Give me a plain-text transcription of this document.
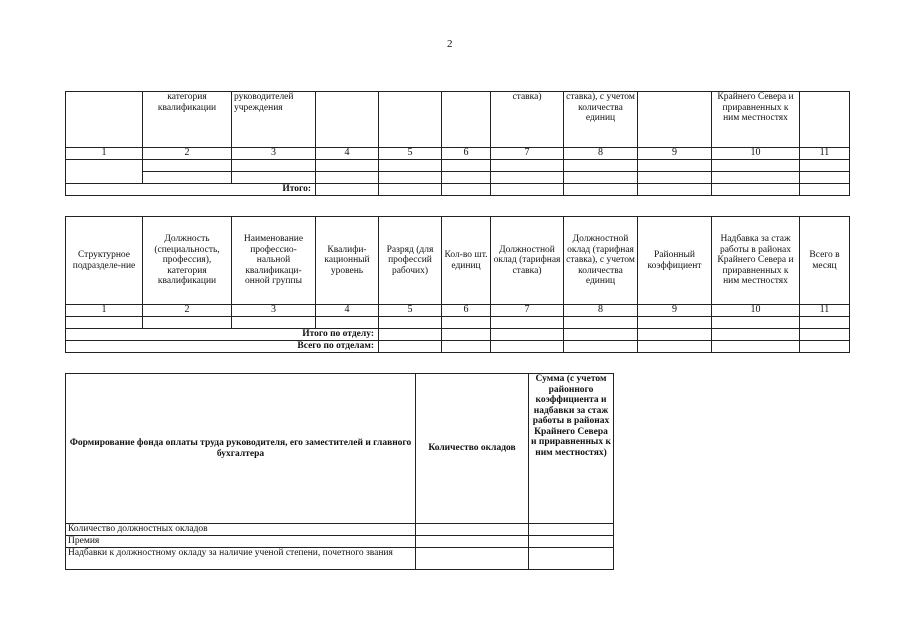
2
	категория квалификации	руководителей учреждения				ставка)	ставка), с учетом количества единиц		Крайнего Севера и приравненных к ним местностях	
1	2	3	4	5	6	7	8	9	10	11

Итого:										
Структурное подразделе-ние	Должность (специальность, профессия), категория квалификации	Наименование профессио-нальной квалификаци-онной группы	Квалифи-кационный уровень	Разряд (для профессий рабочих)	Кол-во шт. единиц	Должностной оклад (тарифная ставка)	Должностной оклад (тарифная ставка), с учетом количества единиц	Районный коэффициент	Надбавка за стаж работы в районах Крайнего Севера и приравненных к ним местностях	Всего в месяц
1	2	3	4	5	6	7	8	9	10	11

Итого по отделу:										
Всего по отделам:										
Формирование фонда оплаты труда руководителя, его заместителей и главного бухгалтера	Количество окладов	Сумма (с учетом районного коэффициента и надбавки за стаж работы в районах Крайнего Севера и приравненных к ним местностях)
Количество должностных окладов		
Премия		
Надбавки к должностному окладу за наличие ученой степени, почетного звания		
